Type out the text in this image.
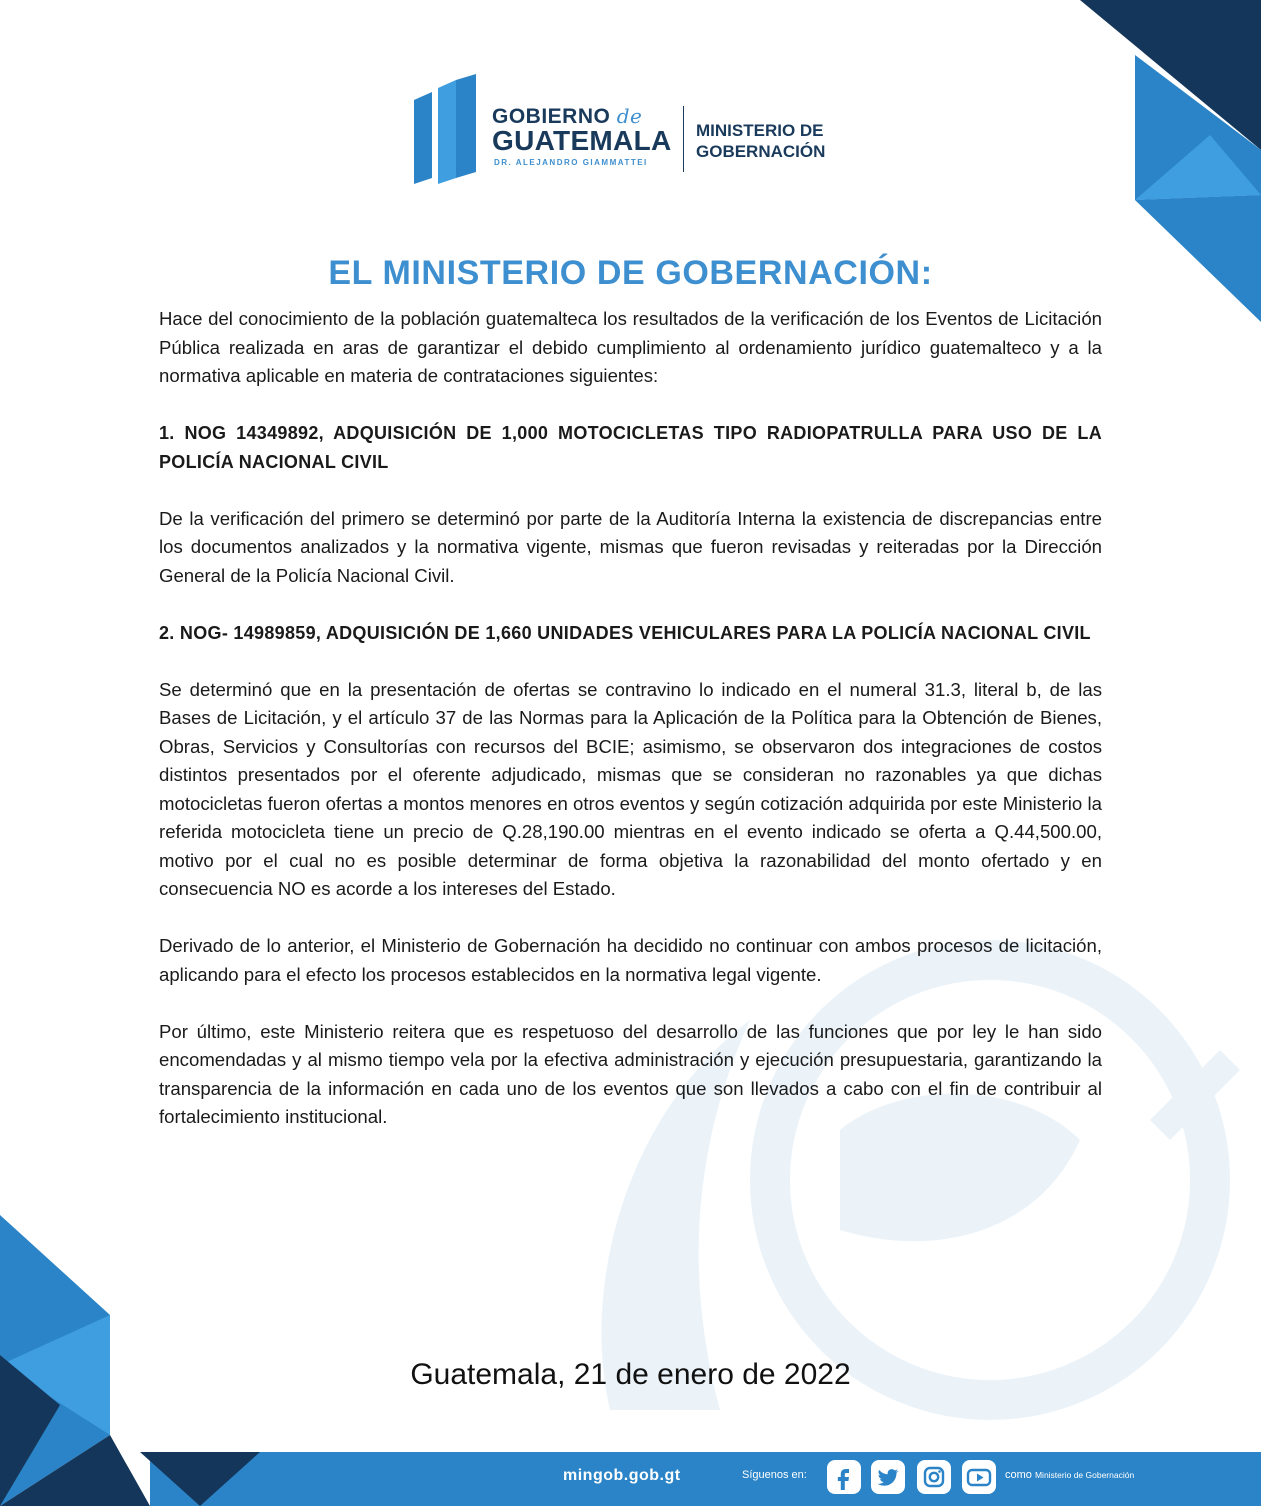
GOBIERNO de
GUATEMALA
DR. ALEJANDRO GIAMMATTEI
MINISTERIO DE
GOBERNACIÓN
EL MINISTERIO DE GOBERNACIÓN:

Hace del conocimiento de la población guatemalteca los resultados de la verificación de los Eventos de Licitación Pública realizada en aras de garantizar el debido cumplimiento al ordenamiento jurídico guatemalteco y a la normativa aplicable en materia de contrataciones siguientes:

1. NOG 14349892, ADQUISICIÓN DE 1,000 MOTOCICLETAS TIPO RADIOPATRULLA PARA USO DE LA POLICÍA NACIONAL CIVIL

De la verificación del primero se determinó por parte de la Auditoría Interna la existencia de discrepancias entre los documentos analizados y la normativa vigente, mismas que fueron revisadas y reiteradas por la Dirección General de la Policía Nacional Civil.

2. NOG- 14989859, ADQUISICIÓN DE 1,660 UNIDADES VEHICULARES PARA LA POLICÍA NACIONAL CIVIL

Se determinó que en la presentación de ofertas se contravino lo indicado en el numeral 31.3, literal b, de las Bases de Licitación, y el artículo 37 de las Normas para la Aplicación de la Política para la Obtención de Bienes, Obras, Servicios y Consultorías con recursos del BCIE; asimismo, se observaron dos integraciones de costos distintos presentados por el oferente adjudicado, mismas que se consideran no razonables ya que dichas motocicletas fueron ofertas a montos menores en otros eventos y según cotización adquirida por este Ministerio la referida motocicleta tiene un precio de Q.28,190.00 mientras en el evento indicado se oferta a Q.44,500.00, motivo por el cual no es posible determinar de forma objetiva la razonabilidad del monto ofertado y en consecuencia NO es acorde a los intereses del Estado.

Derivado de lo anterior, el Ministerio de Gobernación ha decidido no continuar con ambos procesos de licitación, aplicando para el efecto los procesos establecidos en la normativa legal vigente.

Por último, este Ministerio reitera que es respetuoso del desarrollo de las funciones que por ley le han sido encomendadas y al mismo tiempo vela por la efectiva administración y ejecución presupuestaria, garantizando la transparencia de la información en cada uno de los eventos que son llevados a cabo con el fin de contribuir al fortalecimiento institucional.

Guatemala, 21 de enero de 2022
mingob.gob.gt	Síguenos en:	como Ministerio de Gobernación
